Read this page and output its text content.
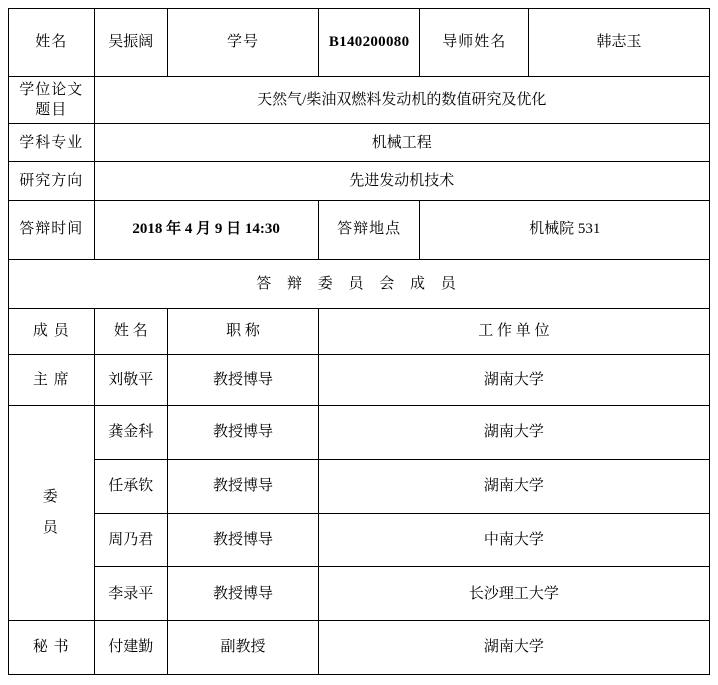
姓名	吴振阔	学号	B140200080	导师姓名	韩志玉
学位论文题目	天然气/柴油双燃料发动机的数值研究及优化				
学科专业	机械工程				
研究方向	先进发动机技术				
答辩时间	2018 年 4 月 9 日 14:30		答辩地点	机械院 531	
答 辩 委 员 会 成 员					
成 员	姓 名	职 称	工 作 单 位		
主 席	刘敬平	教授博导	湖南大学		

委
员	龚金科	教授博导	湖南大学		
	任承钦	教授博导	湖南大学		
	周乃君	教授博导	中南大学		
	李录平	教授博导	长沙理工大学		
秘 书	付建勤	副教授	湖南大学		
